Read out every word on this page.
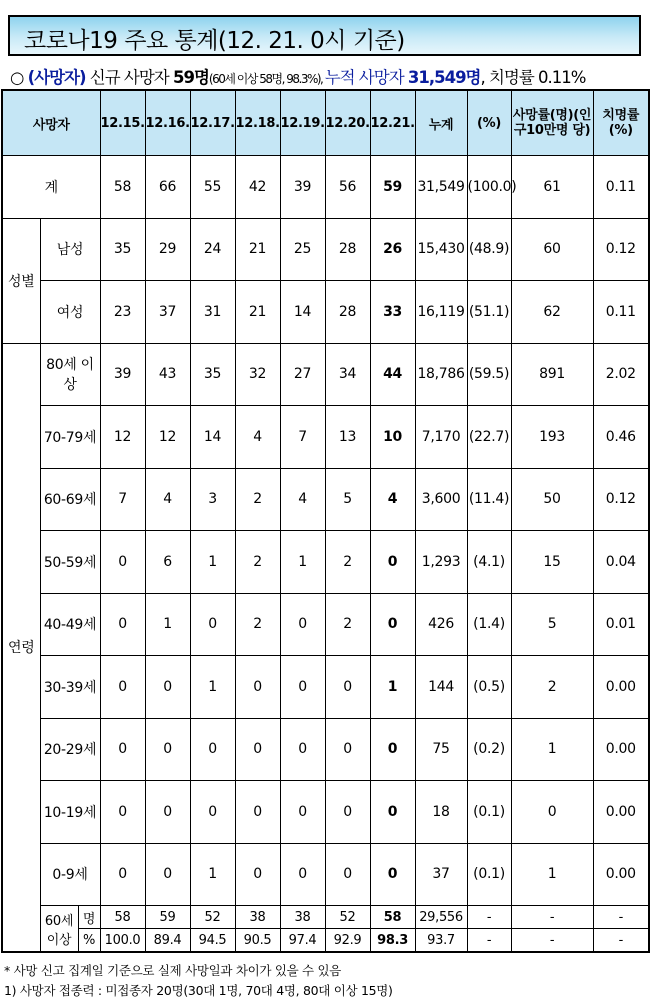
코로나19 주요 통계(12. 21. 0시 기준)
○ (사망자) 신규 사망자 59명(60세 이상 58명, 98.3%), 누적 사망자 31,549명, 치명률 0.11%
사망자			12.15.	12.16.	12.17.	12.18.	12.19.	12.20.	12.21.	누계	(%)	사망률(명)(인구10만명 당)	치명률(%)
계			58	66	55	42	39	56	59	31,549	(100.0)	61	0.11
성별	남성		35	29	24	21	25	28	26	15,430	(48.9)	60	0.12
	여성		23	37	31	21	14	28	33	16,119	(51.1)	62	0.11
연령	80세 이상		39	43	35	32	27	34	44	18,786	(59.5)	891	2.02
	70-79세		12	12	14	4	7	13	10	7,170	(22.7)	193	0.46
	60-69세		7	4	3	2	4	5	4	3,600	(11.4)	50	0.12
	50-59세		0	6	1	2	1	2	0	1,293	(4.1)	15	0.04
	40-49세		0	1	0	2	0	2	0	426	(1.4)	5	0.01
	30-39세		0	0	1	0	0	0	1	144	(0.5)	2	0.00
	20-29세		0	0	0	0	0	0	0	75	(0.2)	1	0.00
	10-19세		0	0	0	0	0	0	0	18	(0.1)	0	0.00
	0-9세		0	0	1	0	0	0	0	37	(0.1)	1	0.00
	60세 이상	명	58	59	52	38	38	52	58	29,556	-	-	-
		%	100.0	89.4	94.5	90.5	97.4	92.9	98.3	93.7	-	-	-
* 사망 신고 집계일 기준으로 실제 사망일과 차이가 있을 수 있음
1) 사망자 접종력 : 미접종자 20명(30대 1명, 70대 4명, 80대 이상 15명)
